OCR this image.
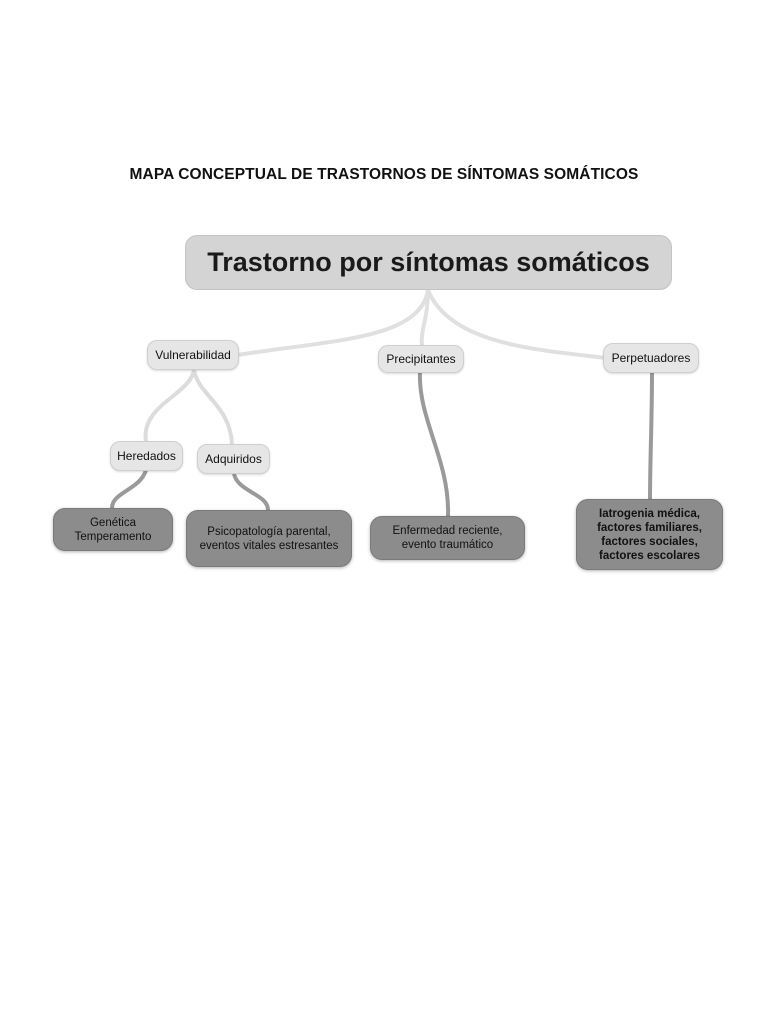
MAPA CONCEPTUAL DE TRASTORNOS DE SÍNTOMAS SOMÁTICOS
Trastorno por síntomas somáticos
Vulnerabilidad	Precipitantes	Perpetuadores
Heredados Adquiridos
Genética
Temperamento	Psicopatología parental,
eventos vitales estresantes
Enfermedad reciente,
evento traumático
Iatrogenia médica,
factores familiares,
factores sociales,
factores escolares
